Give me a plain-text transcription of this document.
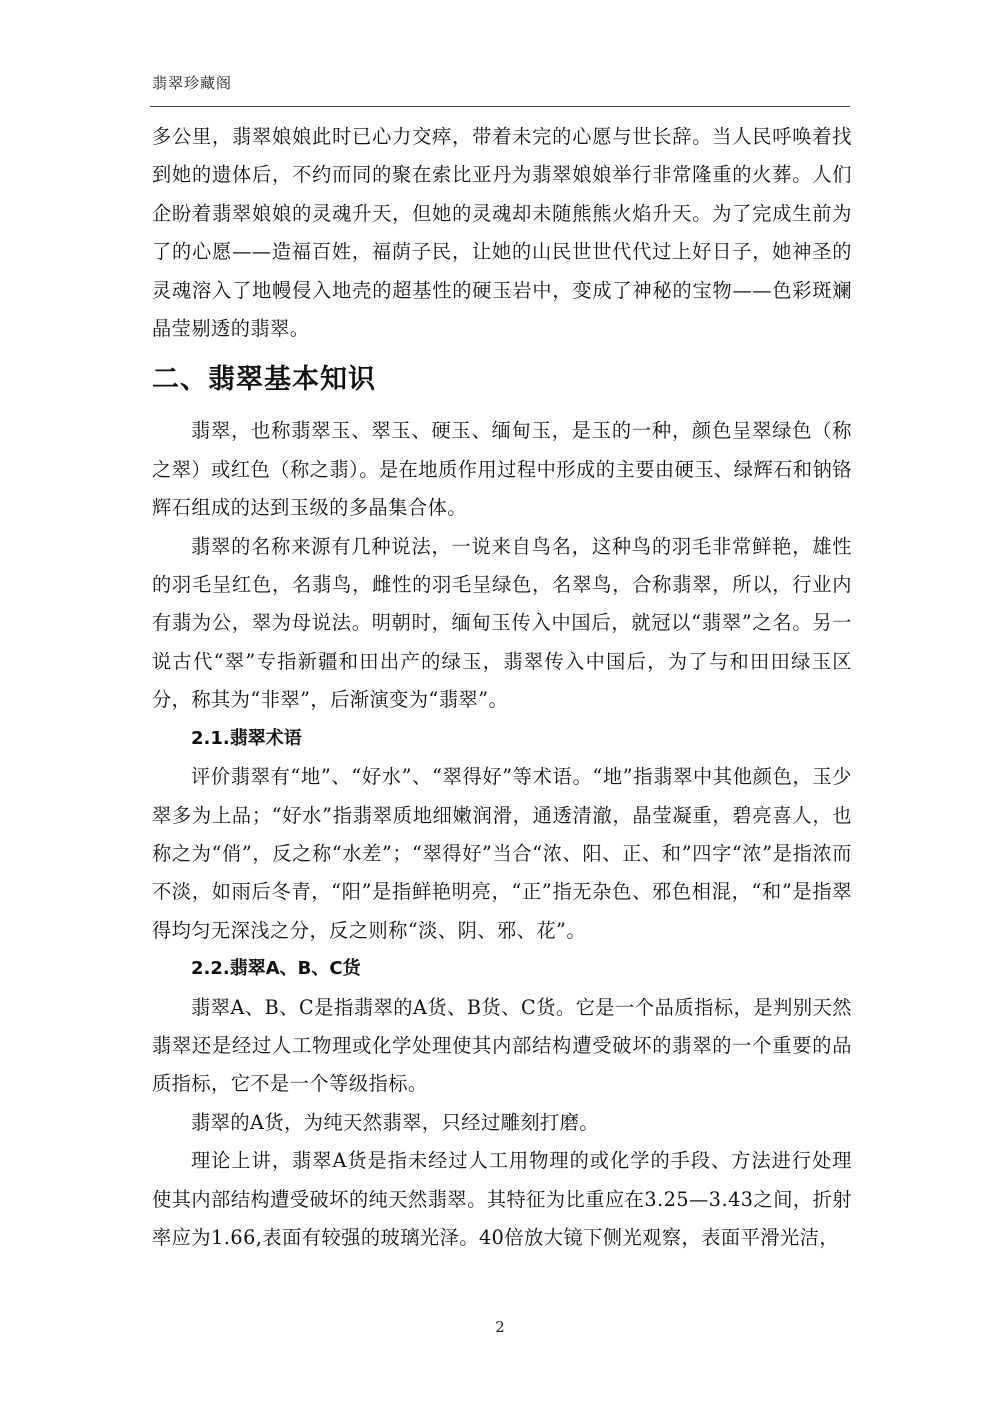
翡翠珍藏阁

多公里，翡翠娘娘此时已心力交瘁，带着未完的心愿与世长辞。当人民呼唤着找到她的遗体后，不约而同的聚在索比亚丹为翡翠娘娘举行非常隆重的火葬。人们企盼着翡翠娘娘的灵魂升天，但她的灵魂却未随熊熊火焰升天。为了完成生前为了的心愿——造福百姓，福荫子民，让她的山民世世代代过上好日子，她神圣的灵魂溶入了地幔侵入地壳的超基性的硬玉岩中，变成了神秘的宝物——色彩斑斓晶莹剔透的翡翠。

二、翡翠基本知识

翡翠，也称翡翠玉、翠玉、硬玉、缅甸玉，是玉的一种，颜色呈翠绿色（称之翠）或红色（称之翡）。是在地质作用过程中形成的主要由硬玉、绿辉石和钠铬辉石组成的达到玉级的多晶集合体。

翡翠的名称来源有几种说法，一说来自鸟名，这种鸟的羽毛非常鲜艳，雄性的羽毛呈红色，名翡鸟，雌性的羽毛呈绿色，名翠鸟，合称翡翠，所以，行业内有翡为公，翠为母说法。明朝时，缅甸玉传入中国后，就冠以“翡翠”之名。另一说古代“翠”专指新疆和田出产的绿玉，翡翠传入中国后，为了与和田田绿玉区分，称其为“非翠”，后渐演变为“翡翠”。

2.1.翡翠术语

评价翡翠有“地”、“好水”、“翠得好”等术语。“地”指翡翠中其他颜色，玉少翠多为上品；“好水”指翡翠质地细嫩润滑，通透清澈，晶莹凝重，碧亮喜人，也称之为“俏”，反之称“水差”；“翠得好”当合“浓、阳、正、和”四字“浓”是指浓而不淡，如雨后冬青，“阳”是指鲜艳明亮，“正”指无杂色、邪色相混，“和”是指翠得均匀无深浅之分，反之则称“淡、阴、邪、花”。

2.2.翡翠A、B、C货

翡翠A、B、C是指翡翠的A货、B货、C货。它是一个品质指标，是判别天然翡翠还是经过人工物理或化学处理使其内部结构遭受破坏的翡翠的一个重要的品质指标，它不是一个等级指标。

翡翠的A货，为纯天然翡翠，只经过雕刻打磨。

理论上讲，翡翠A货是指未经过人工用物理的或化学的手段、方法进行处理使其内部结构遭受破坏的纯天然翡翠。其特征为比重应在3.25—3.43之间，折射率应为1.66,表面有较强的玻璃光泽。40倍放大镜下侧光观察，表面平滑光洁，

2
